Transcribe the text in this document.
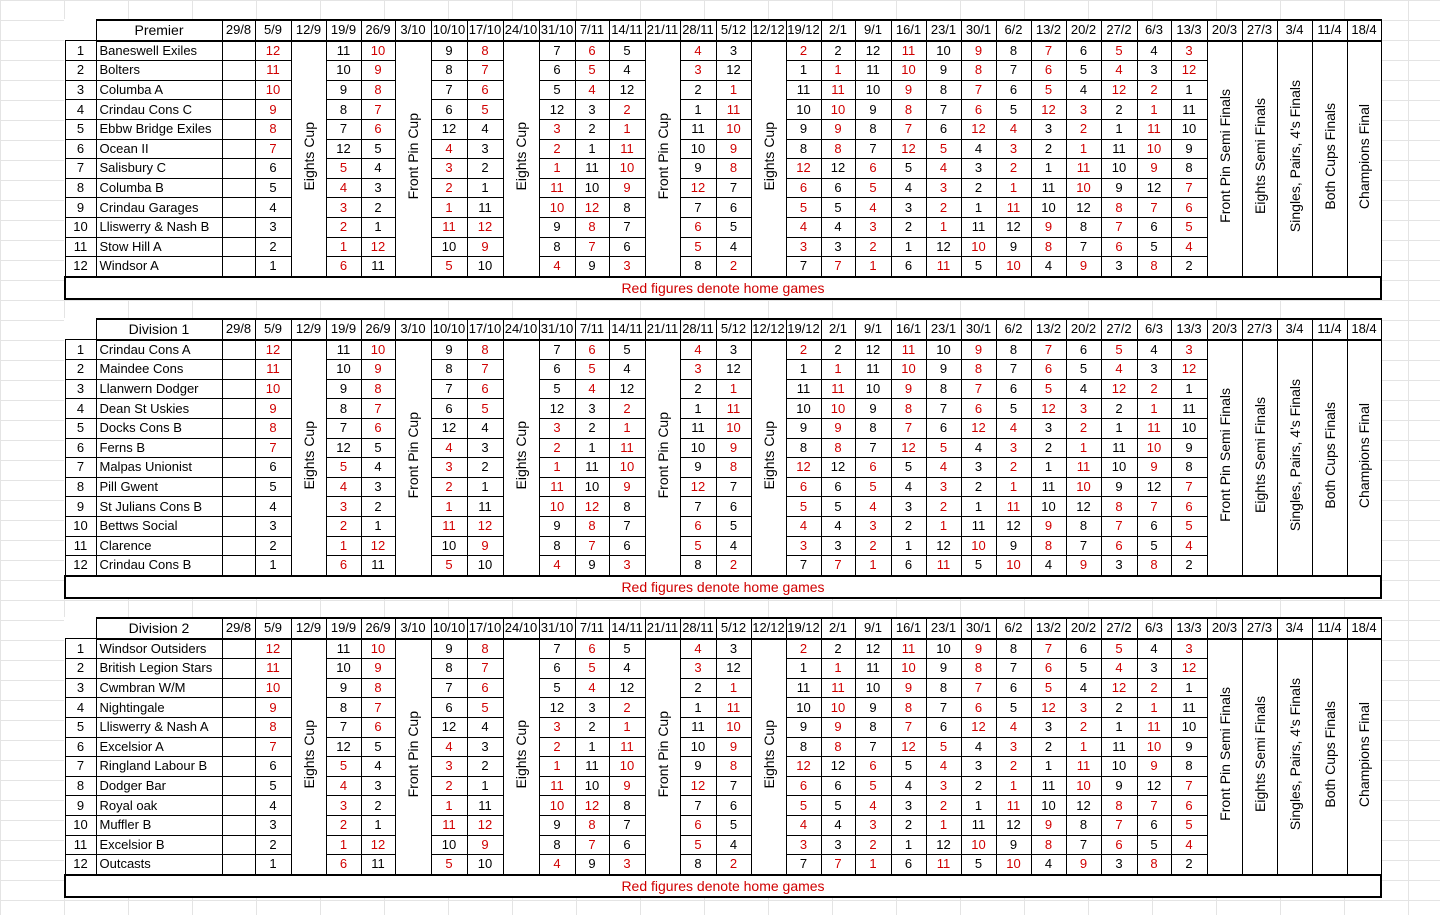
	Premier	29/8	5/9	12/9	19/9	26/9	3/10	10/10	17/10	24/10	31/10	7/11	14/11	21/11	28/11	5/12	12/12	19/12	2/1	9/1	16/1	23/1	30/1	6/2	13/2	20/2	27/2	6/3	13/3	20/3	27/3	3/4	11/4	18/4
1	Baneswell Exiles		12	Eights Cup	11	10	Front Pin Cup	9	8	Eights Cup	7	6	5	Front Pin Cup	4	3	Eights Cup	2	2	12	11	10	9	8	7	6	5	4	3	Front Pin Semi Finals	Eights Semi Finals	Singles, Pairs, 4's Finals	Both Cups Finals	Champions Final
2	Bolters		11		10	9		8	7		6	5	4		3	12		1	1	11	10	9	8	7	6	5	4	3	12					
3	Columba A		10		9	8		7	6		5	4	12		2	1		11	11	10	9	8	7	6	5	4	12	2	1					
4	Crindau Cons C		9		8	7		6	5		12	3	2		1	11		10	10	9	8	7	6	5	12	3	2	1	11					
5	Ebbw Bridge Exiles		8		7	6		12	4		3	2	1		11	10		9	9	8	7	6	12	4	3	2	1	11	10					
6	Ocean II		7		12	5		4	3		2	1	11		10	9		8	8	7	12	5	4	3	2	1	11	10	9					
7	Salisbury C		6		5	4		3	2		1	11	10		9	8		12	12	6	5	4	3	2	1	11	10	9	8					
8	Columba B		5		4	3		2	1		11	10	9		12	7		6	6	5	4	3	2	1	11	10	9	12	7					
9	Crindau Garages		4		3	2		1	11		10	12	8		7	6		5	5	4	3	2	1	11	10	12	8	7	6					
10	Lliswerry & Nash B		3		2	1		11	12		9	8	7		6	5		4	4	3	2	1	11	12	9	8	7	6	5					
11	Stow Hill A		2		1	12		10	9		8	7	6		5	4		3	3	2	1	12	10	9	8	7	6	5	4					
12	Windsor A		1		6	11		5	10		4	9	3		8	2		7	7	1	6	11	5	10	4	9	3	8	2					
Red figures denote home games																																		
	Division 1	29/8	5/9	12/9	19/9	26/9	3/10	10/10	17/10	24/10	31/10	7/11	14/11	21/11	28/11	5/12	12/12	19/12	2/1	9/1	16/1	23/1	30/1	6/2	13/2	20/2	27/2	6/3	13/3	20/3	27/3	3/4	11/4	18/4
1	Crindau Cons A		12	Eights Cup	11	10	Front Pin Cup	9	8	Eights Cup	7	6	5	Front Pin Cup	4	3	Eights Cup	2	2	12	11	10	9	8	7	6	5	4	3	Front Pin Semi Finals	Eights Semi Finals	Singles, Pairs, 4's Finals	Both Cups Finals	Champions Final
2	Maindee Cons		11		10	9		8	7		6	5	4		3	12		1	1	11	10	9	8	7	6	5	4	3	12					
3	Llanwern Dodger		10		9	8		7	6		5	4	12		2	1		11	11	10	9	8	7	6	5	4	12	2	1					
4	Dean St Uskies		9		8	7		6	5		12	3	2		1	11		10	10	9	8	7	6	5	12	3	2	1	11					
5	Docks Cons B		8		7	6		12	4		3	2	1		11	10		9	9	8	7	6	12	4	3	2	1	11	10					
6	Ferns B		7		12	5		4	3		2	1	11		10	9		8	8	7	12	5	4	3	2	1	11	10	9					
7	Malpas Unionist		6		5	4		3	2		1	11	10		9	8		12	12	6	5	4	3	2	1	11	10	9	8					
8	Pill Gwent		5		4	3		2	1		11	10	9		12	7		6	6	5	4	3	2	1	11	10	9	12	7					
9	St Julians Cons B		4		3	2		1	11		10	12	8		7	6		5	5	4	3	2	1	11	10	12	8	7	6					
10	Bettws Social		3		2	1		11	12		9	8	7		6	5		4	4	3	2	1	11	12	9	8	7	6	5					
11	Clarence		2		1	12		10	9		8	7	6		5	4		3	3	2	1	12	10	9	8	7	6	5	4					
12	Crindau Cons B		1		6	11		5	10		4	9	3		8	2		7	7	1	6	11	5	10	4	9	3	8	2					
Red figures denote home games																																		
	Division 2	29/8	5/9	12/9	19/9	26/9	3/10	10/10	17/10	24/10	31/10	7/11	14/11	21/11	28/11	5/12	12/12	19/12	2/1	9/1	16/1	23/1	30/1	6/2	13/2	20/2	27/2	6/3	13/3	20/3	27/3	3/4	11/4	18/4
1	Windsor Outsiders		12	Eights Cup	11	10	Front Pin Cup	9	8	Eights Cup	7	6	5	Front Pin Cup	4	3	Eights Cup	2	2	12	11	10	9	8	7	6	5	4	3	Front Pin Semi Finals	Eights Semi Finals	Singles, Pairs, 4's Finals	Both Cups Finals	Champions Final
2	British Legion Stars		11		10	9		8	7		6	5	4		3	12		1	1	11	10	9	8	7	6	5	4	3	12					
3	Cwmbran W/M		10		9	8		7	6		5	4	12		2	1		11	11	10	9	8	7	6	5	4	12	2	1					
4	Nightingale		9		8	7		6	5		12	3	2		1	11		10	10	9	8	7	6	5	12	3	2	1	11					
5	Lliswerry & Nash A		8		7	6		12	4		3	2	1		11	10		9	9	8	7	6	12	4	3	2	1	11	10					
6	Excelsior A		7		12	5		4	3		2	1	11		10	9		8	8	7	12	5	4	3	2	1	11	10	9					
7	Ringland Labour B		6		5	4		3	2		1	11	10		9	8		12	12	6	5	4	3	2	1	11	10	9	8					
8	Dodger Bar		5		4	3		2	1		11	10	9		12	7		6	6	5	4	3	2	1	11	10	9	12	7					
9	Royal oak		4		3	2		1	11		10	12	8		7	6		5	5	4	3	2	1	11	10	12	8	7	6					
10	Muffler B		3		2	1		11	12		9	8	7		6	5		4	4	3	2	1	11	12	9	8	7	6	5					
11	Excelsior B		2		1	12		10	9		8	7	6		5	4		3	3	2	1	12	10	9	8	7	6	5	4					
12	Outcasts		1		6	11		5	10		4	9	3		8	2		7	7	1	6	11	5	10	4	9	3	8	2					
Red figures denote home games																																		
